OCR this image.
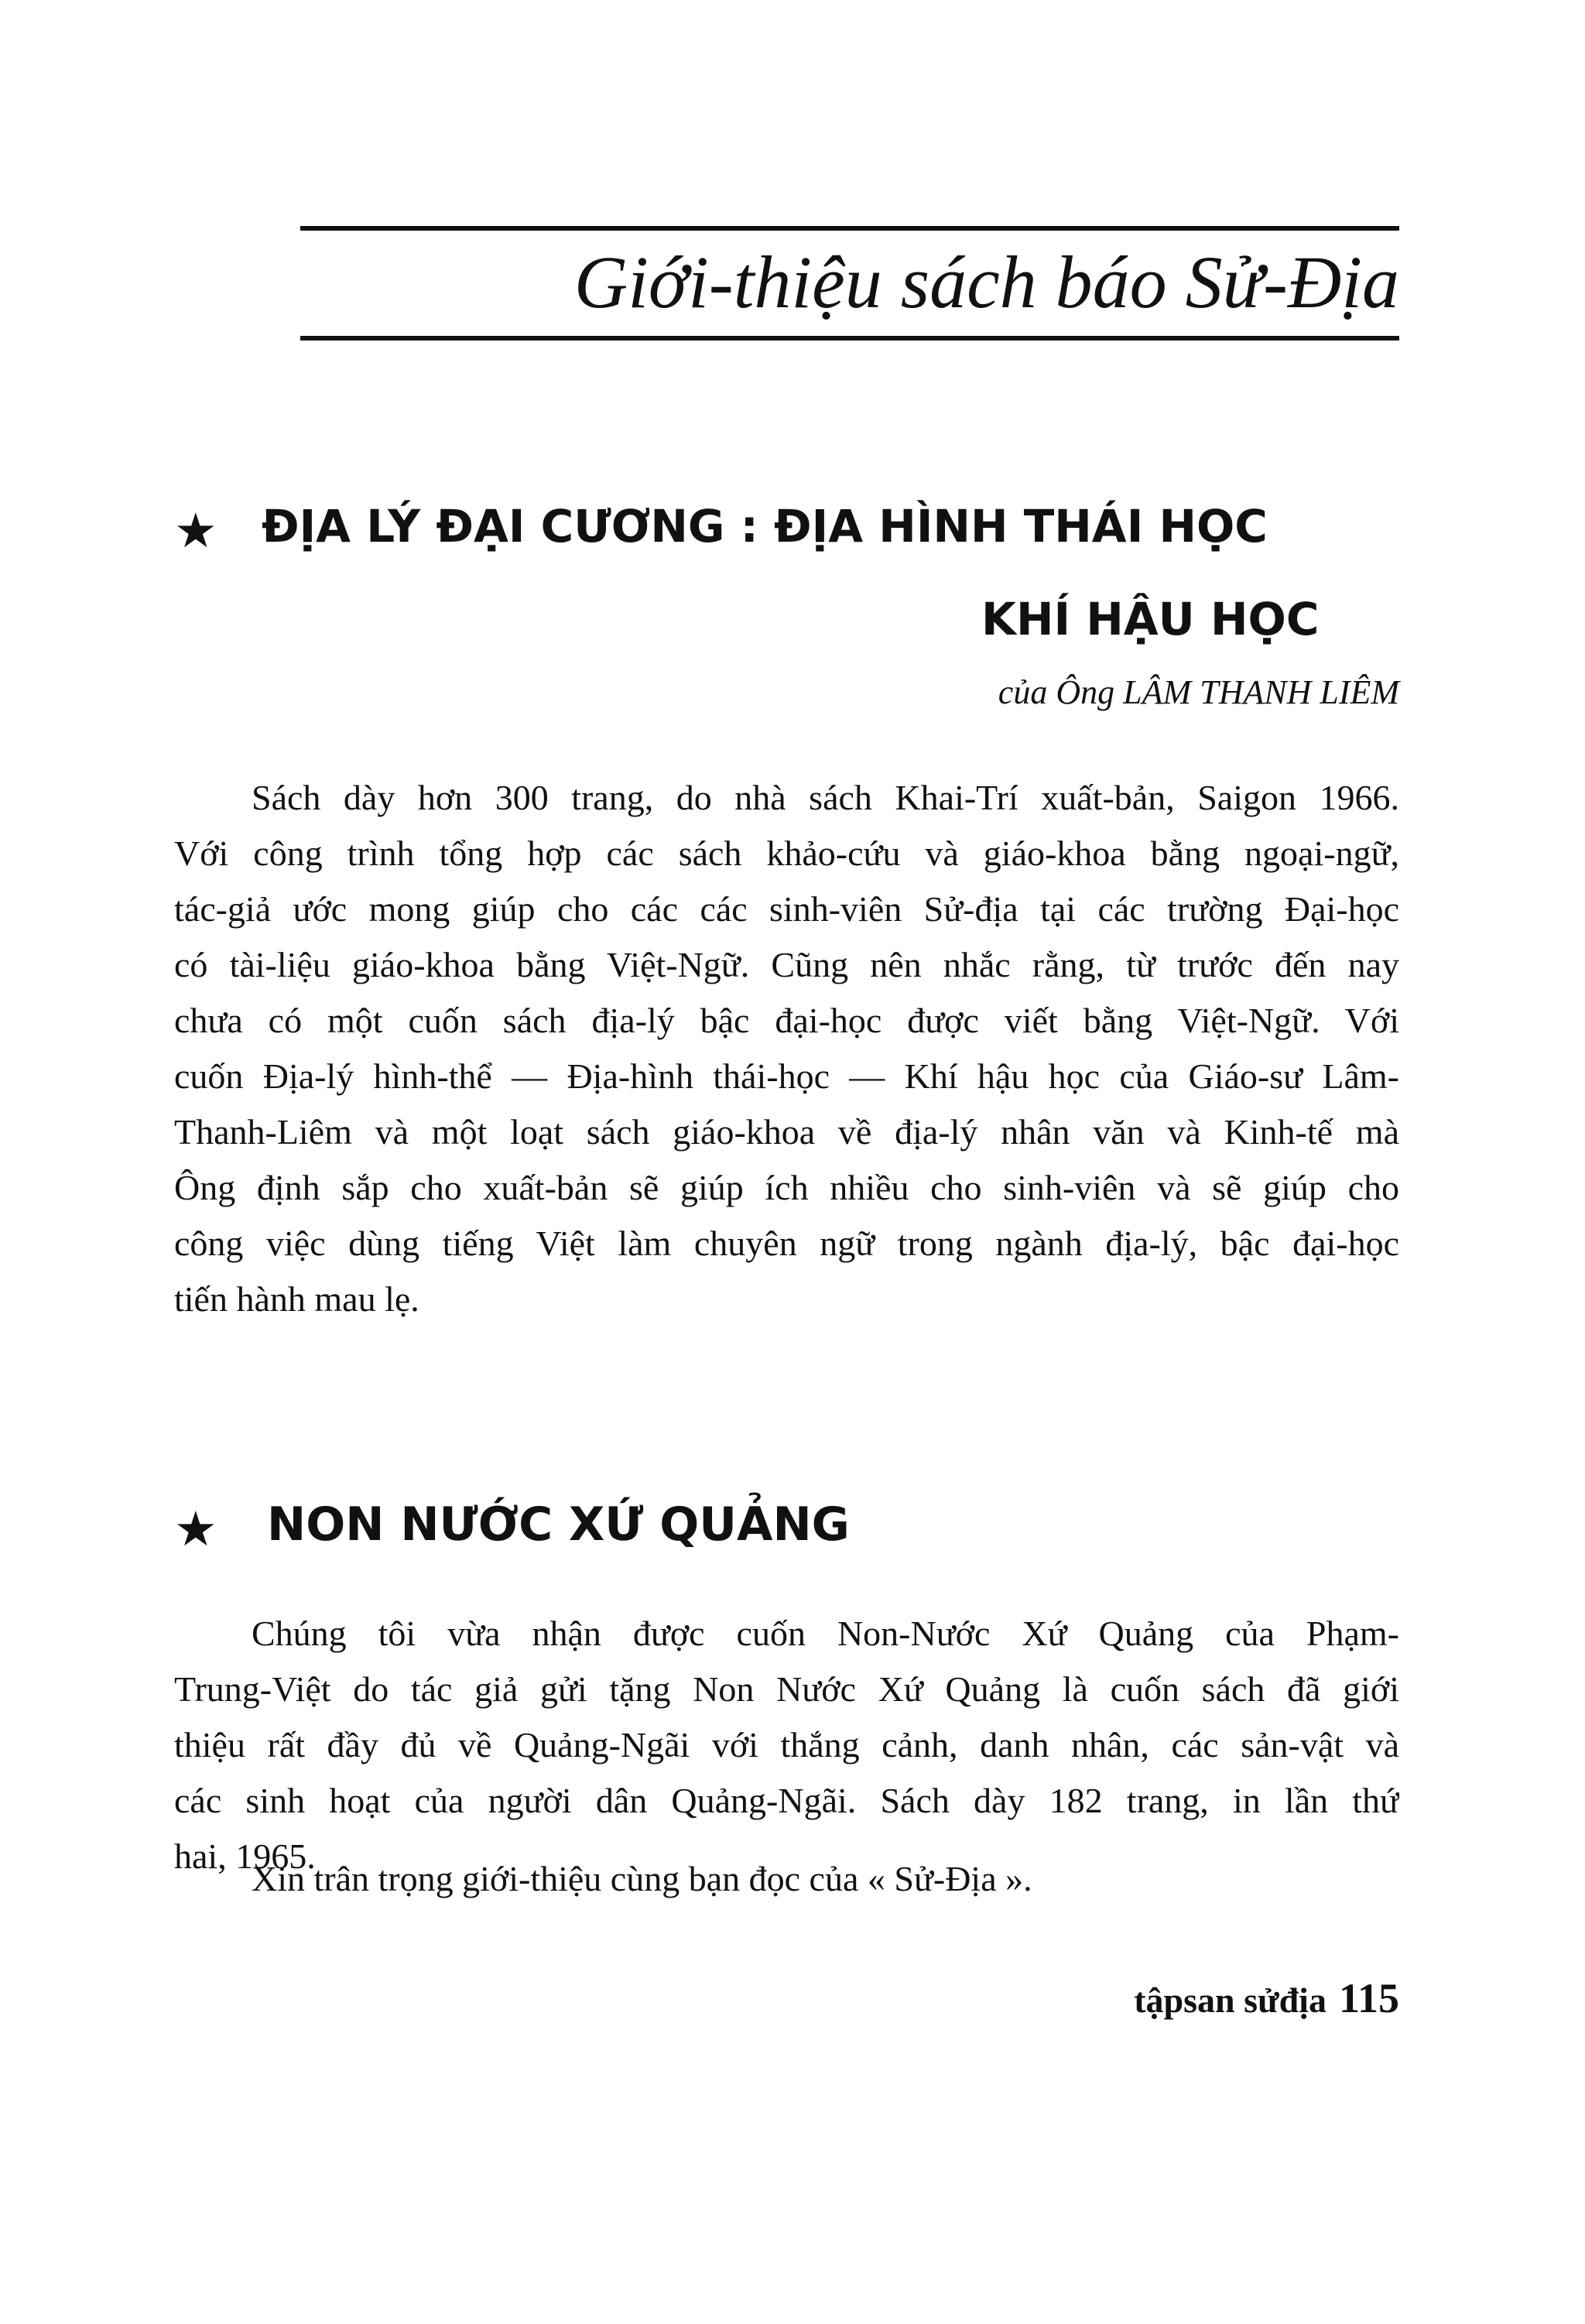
Giới-thiệu sách báo Sử-Địa
★ ĐỊA LÝ ĐẠI CƯƠNG : ĐỊA HÌNH THÁI HỌC
KHÍ HẬU HỌC
của Ông LÂM THANH LIÊM
Sách dày hơn 300 trang, do nhà sách Khai-Trí xuất-bản, Saigon 1966.
Với công trình tổng hợp các sách khảo-cứu và giáo-khoa bằng ngoại-ngữ,
tác-giả ước mong giúp cho các các sinh-viên Sử-địa tại các trường Đại-học
có tài-liệu giáo-khoa bằng Việt-Ngữ. Cũng nên nhắc rằng, từ trước đến nay
chưa có một cuốn sách địa-lý bậc đại-học được viết bằng Việt-Ngữ. Với
cuốn Địa-lý hình-thể — Địa-hình thái-học — Khí hậu học của Giáo-sư Lâm-
Thanh-Liêm và một loạt sách giáo-khoa về địa-lý nhân văn và Kinh-tế mà
Ông định sắp cho xuất-bản sẽ giúp ích nhiều cho sinh-viên và sẽ giúp cho
công việc dùng tiếng Việt làm chuyên ngữ trong ngành địa-lý, bậc đại-học
tiến hành mau lẹ.
★ NON NƯỚC XỨ QUẢNG
Chúng tôi vừa nhận được cuốn Non-Nước Xứ Quảng của Phạm-
Trung-Việt do tác giả gửi tặng Non Nước Xứ Quảng là cuốn sách đã giới
thiệu rất đầy đủ về Quảng-Ngãi với thắng cảnh, danh nhân, các sản-vật và
các sinh hoạt của người dân Quảng-Ngãi. Sách dày 182 trang, in lần thứ
hai, 1965.
Xin trân trọng giới-thiệu cùng bạn đọc của « Sử-Địa ».
tậpsan sửđịa 115
